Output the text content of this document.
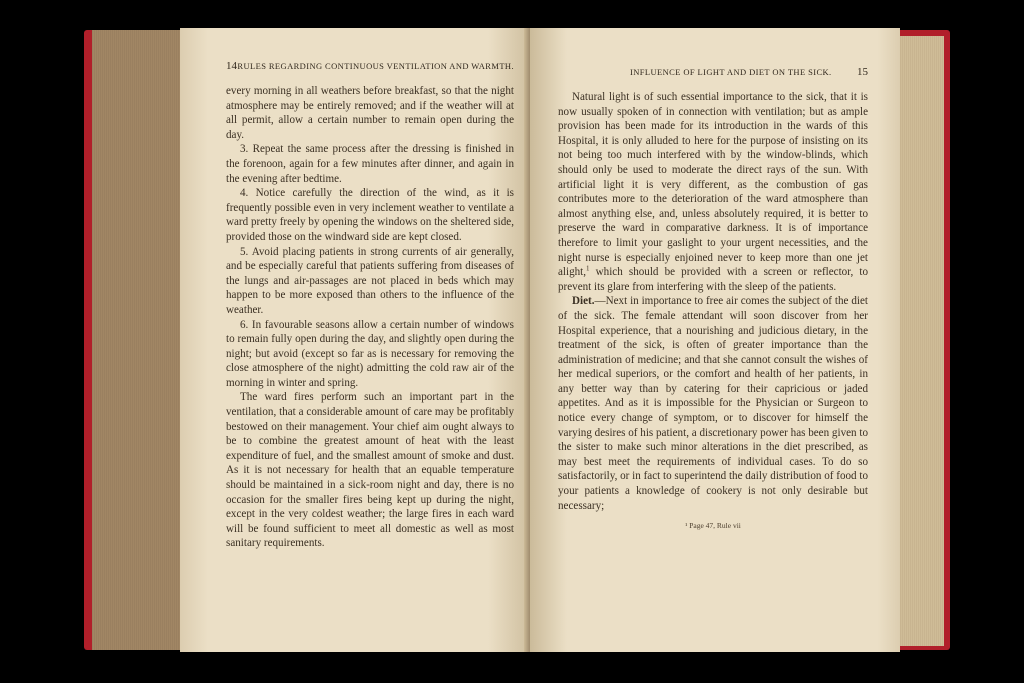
14 RULES REGARDING CONTINUOUS VENTILATION AND WARMTH.

every morning in all weathers before breakfast, so that the night atmosphere may be entirely removed; and if the weather will at all permit, allow a certain number to remain open during the day.

3. Repeat the same process after the dressing is finished in the forenoon, again for a few minutes after dinner, and again in the evening after bedtime.

4. Notice carefully the direction of the wind, as it is frequently possible even in very inclement weather to ventilate a ward pretty freely by opening the windows on the sheltered side, provided those on the windward side are kept closed.

5. Avoid placing patients in strong currents of air generally, and be especially careful that patients suffering from diseases of the lungs and air-passages are not placed in beds which may happen to be more exposed than others to the influence of the weather.

6. In favourable seasons allow a certain number of windows to remain fully open during the day, and slightly open during the night; but avoid (except so far as is necessary for removing the close atmosphere of the night) admitting the cold raw air of the morning in winter and spring.

The ward fires perform such an important part in the ventilation, that a considerable amount of care may be profitably bestowed on their management. Your chief aim ought always to be to combine the greatest amount of heat with the least expenditure of fuel, and the smallest amount of smoke and dust. As it is not necessary for health that an equable temperature should be maintained in a sick-room night and day, there is no occasion for the smaller fires being kept up during the night, except in the very coldest weather; the large fires in each ward will be found sufficient to meet all domestic as well as most sanitary requirements.

INFLUENCE OF LIGHT AND DIET ON THE SICK. 15

Natural light is of such essential importance to the sick, that it is now usually spoken of in connection with ventilation; but as ample provision has been made for its introduction in the wards of this Hospital, it is only alluded to here for the purpose of insisting on its not being too much interfered with by the window-blinds, which should only be used to moderate the direct rays of the sun. With artificial light it is very different, as the combustion of gas contributes more to the deterioration of the ward atmosphere than almost anything else, and, unless absolutely required, it is better to preserve the ward in comparative darkness. It is of importance therefore to limit your gaslight to your urgent necessities, and the night nurse is especially enjoined never to keep more than one jet alight,$^1$ which should be provided with a screen or reflector, to prevent its glare from interfering with the sleep of the patients.

Diet.—Next in importance to free air comes the subject of the diet of the sick. The female attendant will soon discover from her Hospital experience, that a nourishing and judicious dietary, in the treatment of the sick, is often of greater importance than the administration of medicine; and that she cannot consult the wishes of her medical superiors, or the comfort and health of her patients, in any better way than by catering for their capricious or jaded appetites. And as it is impossible for the Physician or Surgeon to notice every change of symptom, or to discover for himself the varying desires of his patient, a discretionary power has been given to the sister to make such minor alterations in the diet prescribed, as may best meet the requirements of individual cases. To do so satisfactorily, or in fact to superintend the daily distribution of food to your patients a knowledge of cookery is not only desirable but necessary;

¹ Page 47, Rule vii
